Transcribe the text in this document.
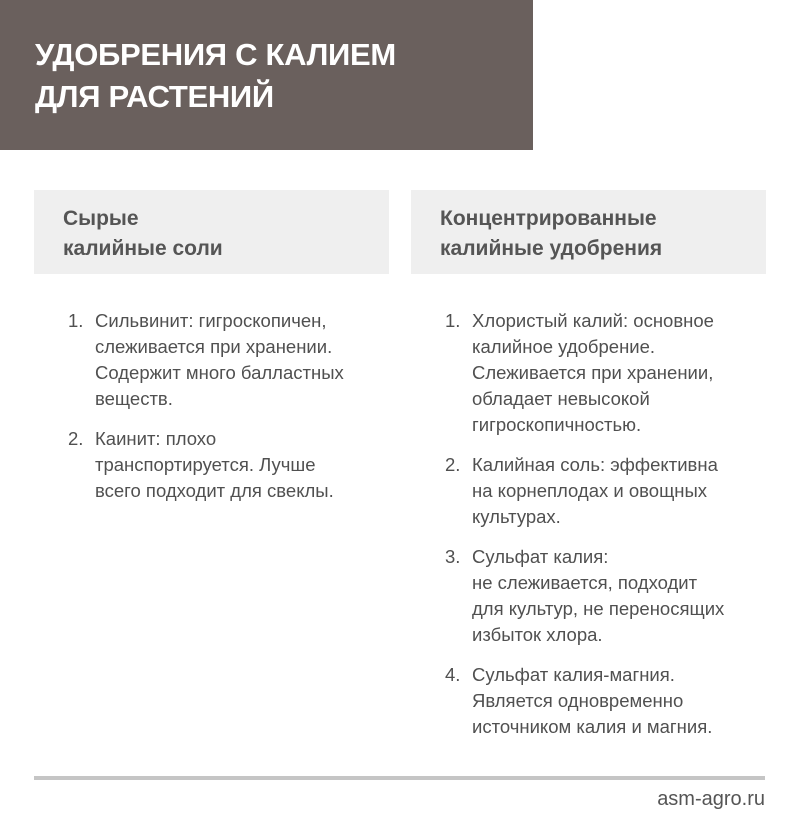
УДОБРЕНИЯ С КАЛИЕМ
ДЛЯ РАСТЕНИЙ
Сырые
калийные соли
Концентрированные
калийные удобрения
1. Сильвинит: гигроскопичен,
слеживается при хранении.
Содержит много балластных
веществ.
2. Каинит: плохо
транспортируется. Лучше
всего подходит для свеклы.
1. Хлористый калий: основное
калийное удобрение.
Слеживается при хранении,
обладает невысокой
гигроскопичностью.
2. Калийная соль: эффективна
на корнеплодах и овощных
культурах.
3. Сульфат калия:
не слеживается, подходит
для культур, не переносящих
избыток хлора.
4. Сульфат калия-магния.
Является одновременно
источником калия и магния.
asm-agro.ru
